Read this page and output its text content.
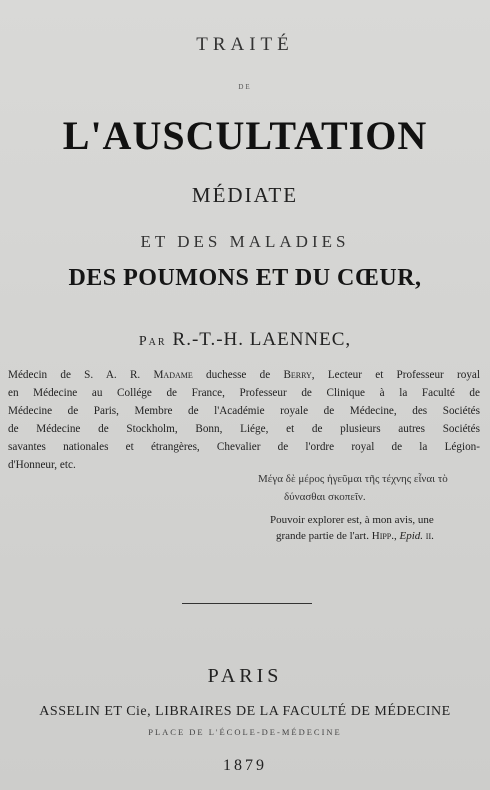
TRAITÉ
DE
L'AUSCULTATION
MÉDIATE
ET DES MALADIES
DES POUMONS ET DU CŒUR,
Par R.-T.-H. LAENNEC,
Médecin de S. A. R. Madame duchesse de Berry, Lecteur et Professeur royal
en Médecine au Collége de France, Professeur de Clinique à la Faculté de
Médecine de Paris, Membre de l'Académie royale de Médecine, des Sociétés
de Médecine de Stockholm, Bonn, Liége, et de plusieurs autres Sociétés
savantes nationales et étrangères, Chevalier de l'ordre royal de la Légion-
d'Honneur, etc.
Μέγα δὲ μέρος ἡγεῦμαι τῆς τέχνης εἶναι τὸ
δύνασθαι σκοπεῖν.
Pouvoir explorer est, à mon avis, une
grande partie de l'art. Hipp., Epid. ii.
PARIS
ASSELIN ET Cie, LIBRAIRES DE LA FACULTÉ DE MÉDECINE
PLACE DE L'ÉCOLE-DE-MÉDECINE
1879
